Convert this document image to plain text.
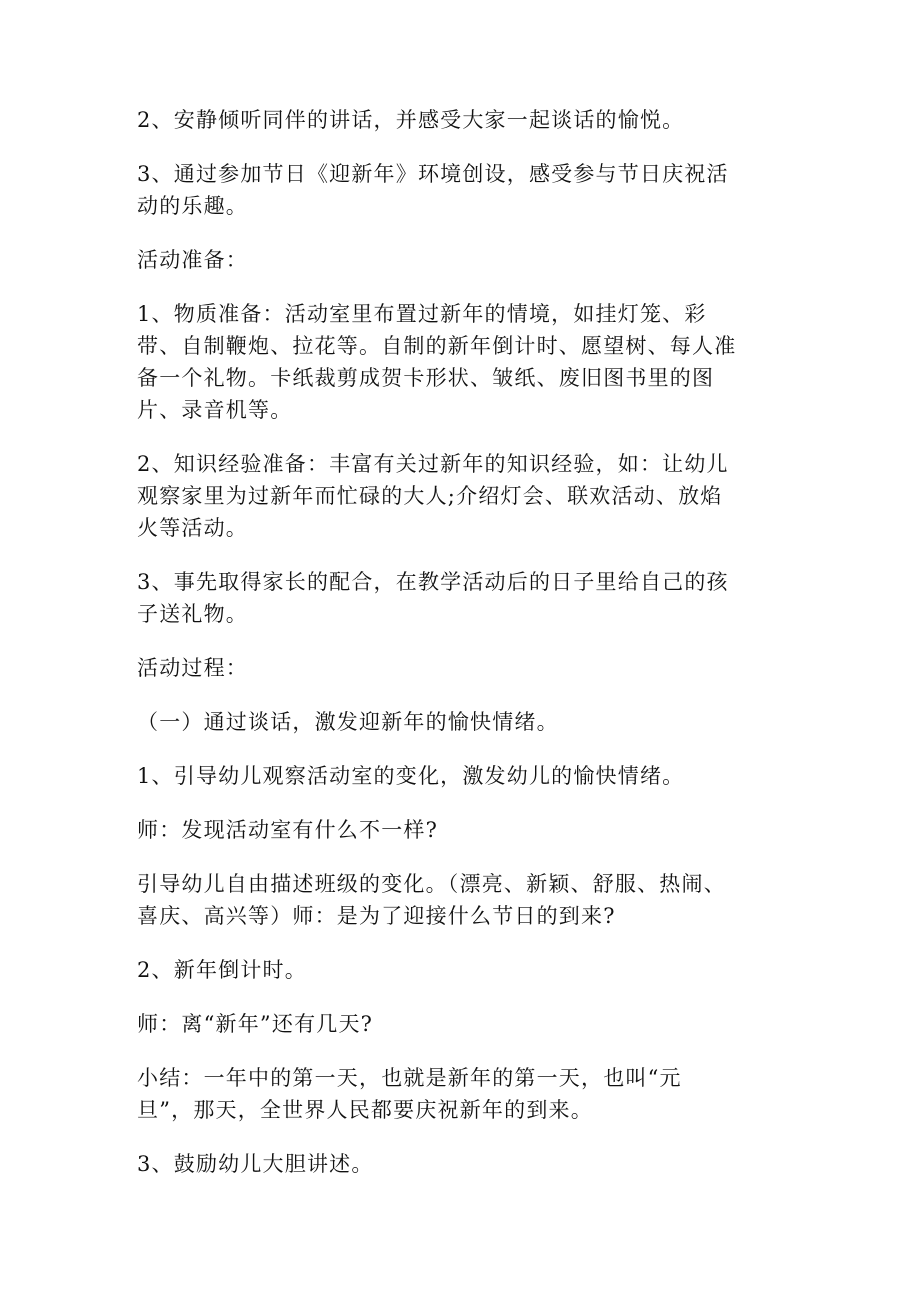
2、安静倾听同伴的讲话，并感受大家一起谈话的愉悦。

3、通过参加节日《迎新年》环境创设，感受参与节日庆祝活
动的乐趣。

活动准备：

1、物质准备：活动室里布置过新年的情境，如挂灯笼、彩
带、自制鞭炮、拉花等。自制的新年倒计时、愿望树、每人准
备一个礼物。卡纸裁剪成贺卡形状、皱纸、废旧图书里的图
片、录音机等。

2、知识经验准备：丰富有关过新年的知识经验，如：让幼儿
观察家里为过新年而忙碌的大人;介绍灯会、联欢活动、放焰
火等活动。

3、事先取得家长的配合，在教学活动后的日子里给自己的孩
子送礼物。

活动过程：

（一）通过谈话，激发迎新年的愉快情绪。

1、引导幼儿观察活动室的变化，激发幼儿的愉快情绪。

师：发现活动室有什么不一样?

引导幼儿自由描述班级的变化。（漂亮、新颖、舒服、热闹、
喜庆、高兴等）师：是为了迎接什么节日的到来?

2、新年倒计时。

师：离“新年”还有几天?

小结：一年中的第一天，也就是新年的第一天，也叫“元
旦”，那天，全世界人民都要庆祝新年的到来。

3、鼓励幼儿大胆讲述。
